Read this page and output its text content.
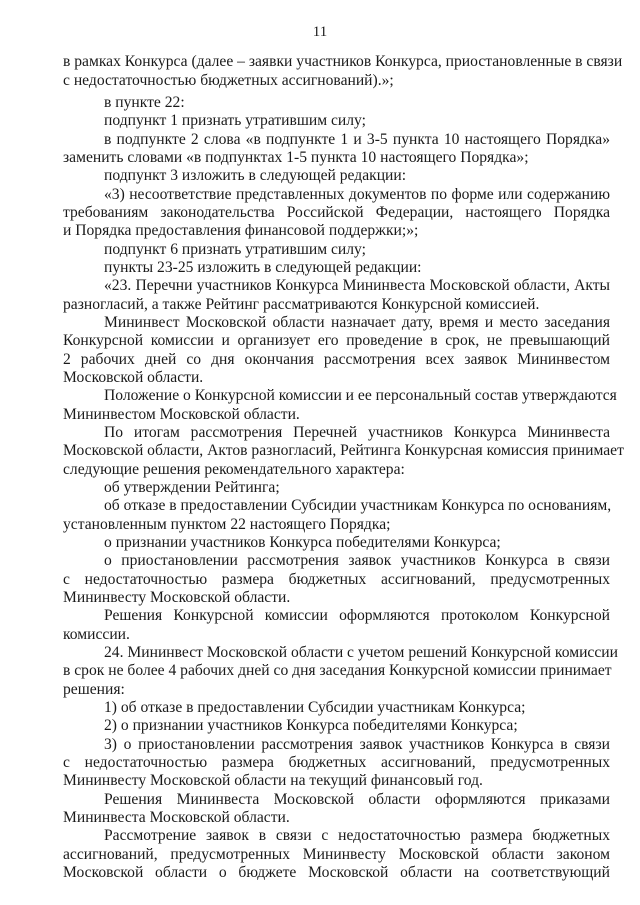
11
в рамках Конкурса (далее – заявки участников Конкурса, приостановленные в связи
с недостаточностью бюджетных ассигнований).»;
в пункте 22:
подпункт 1 признать утратившим силу;
в подпункте 2 слова «в подпункте 1 и 3-5 пункта 10 настоящего Порядка»
заменить словами «в подпунктах 1-5 пункта 10 настоящего Порядка»;
подпункт 3 изложить в следующей редакции:
«3) несоответствие представленных документов по форме или содержанию
требованиям законодательства Российской Федерации, настоящего Порядка
и Порядка предоставления финансовой поддержки;»;
подпункт 6 признать утратившим силу;
пункты 23-25 изложить в следующей редакции:
«23. Перечни участников Конкурса Мининвеста Московской области, Акты
разногласий, а также Рейтинг рассматриваются Конкурсной комиссией.
Мининвест Московской области назначает дату, время и место заседания
Конкурсной комиссии и организует его проведение в срок, не превышающий
2 рабочих дней со дня окончания рассмотрения всех заявок Мининвестом
Московской области.
Положение о Конкурсной комиссии и ее персональный состав утверждаются
Мининвестом Московской области.
По итогам рассмотрения Перечней участников Конкурса Мининвеста
Московской области, Актов разногласий, Рейтинга Конкурсная комиссия принимает
следующие решения рекомендательного характера:
об утверждении Рейтинга;
об отказе в предоставлении Субсидии участникам Конкурса по основаниям,
установленным пунктом 22 настоящего Порядка;
о признании участников Конкурса победителями Конкурса;
о приостановлении рассмотрения заявок участников Конкурса в связи
с недостаточностью размера бюджетных ассигнований, предусмотренных
Мининвесту Московской области.
Решения Конкурсной комиссии оформляются протоколом Конкурсной
комиссии.
24. Мининвест Московской области с учетом решений Конкурсной комиссии
в срок не более 4 рабочих дней со дня заседания Конкурсной комиссии принимает
решения:
1) об отказе в предоставлении Субсидии участникам Конкурса;
2) о признании участников Конкурса победителями Конкурса;
3) о приостановлении рассмотрения заявок участников Конкурса в связи
с недостаточностью размера бюджетных ассигнований, предусмотренных
Мининвесту Московской области на текущий финансовый год.
Решения Мининвеста Московской области оформляются приказами
Мининвеста Московской области.
Рассмотрение заявок в связи с недостаточностью размера бюджетных
ассигнований, предусмотренных Мининвесту Московской области законом
Московской области о бюджете Московской области на соответствующий
